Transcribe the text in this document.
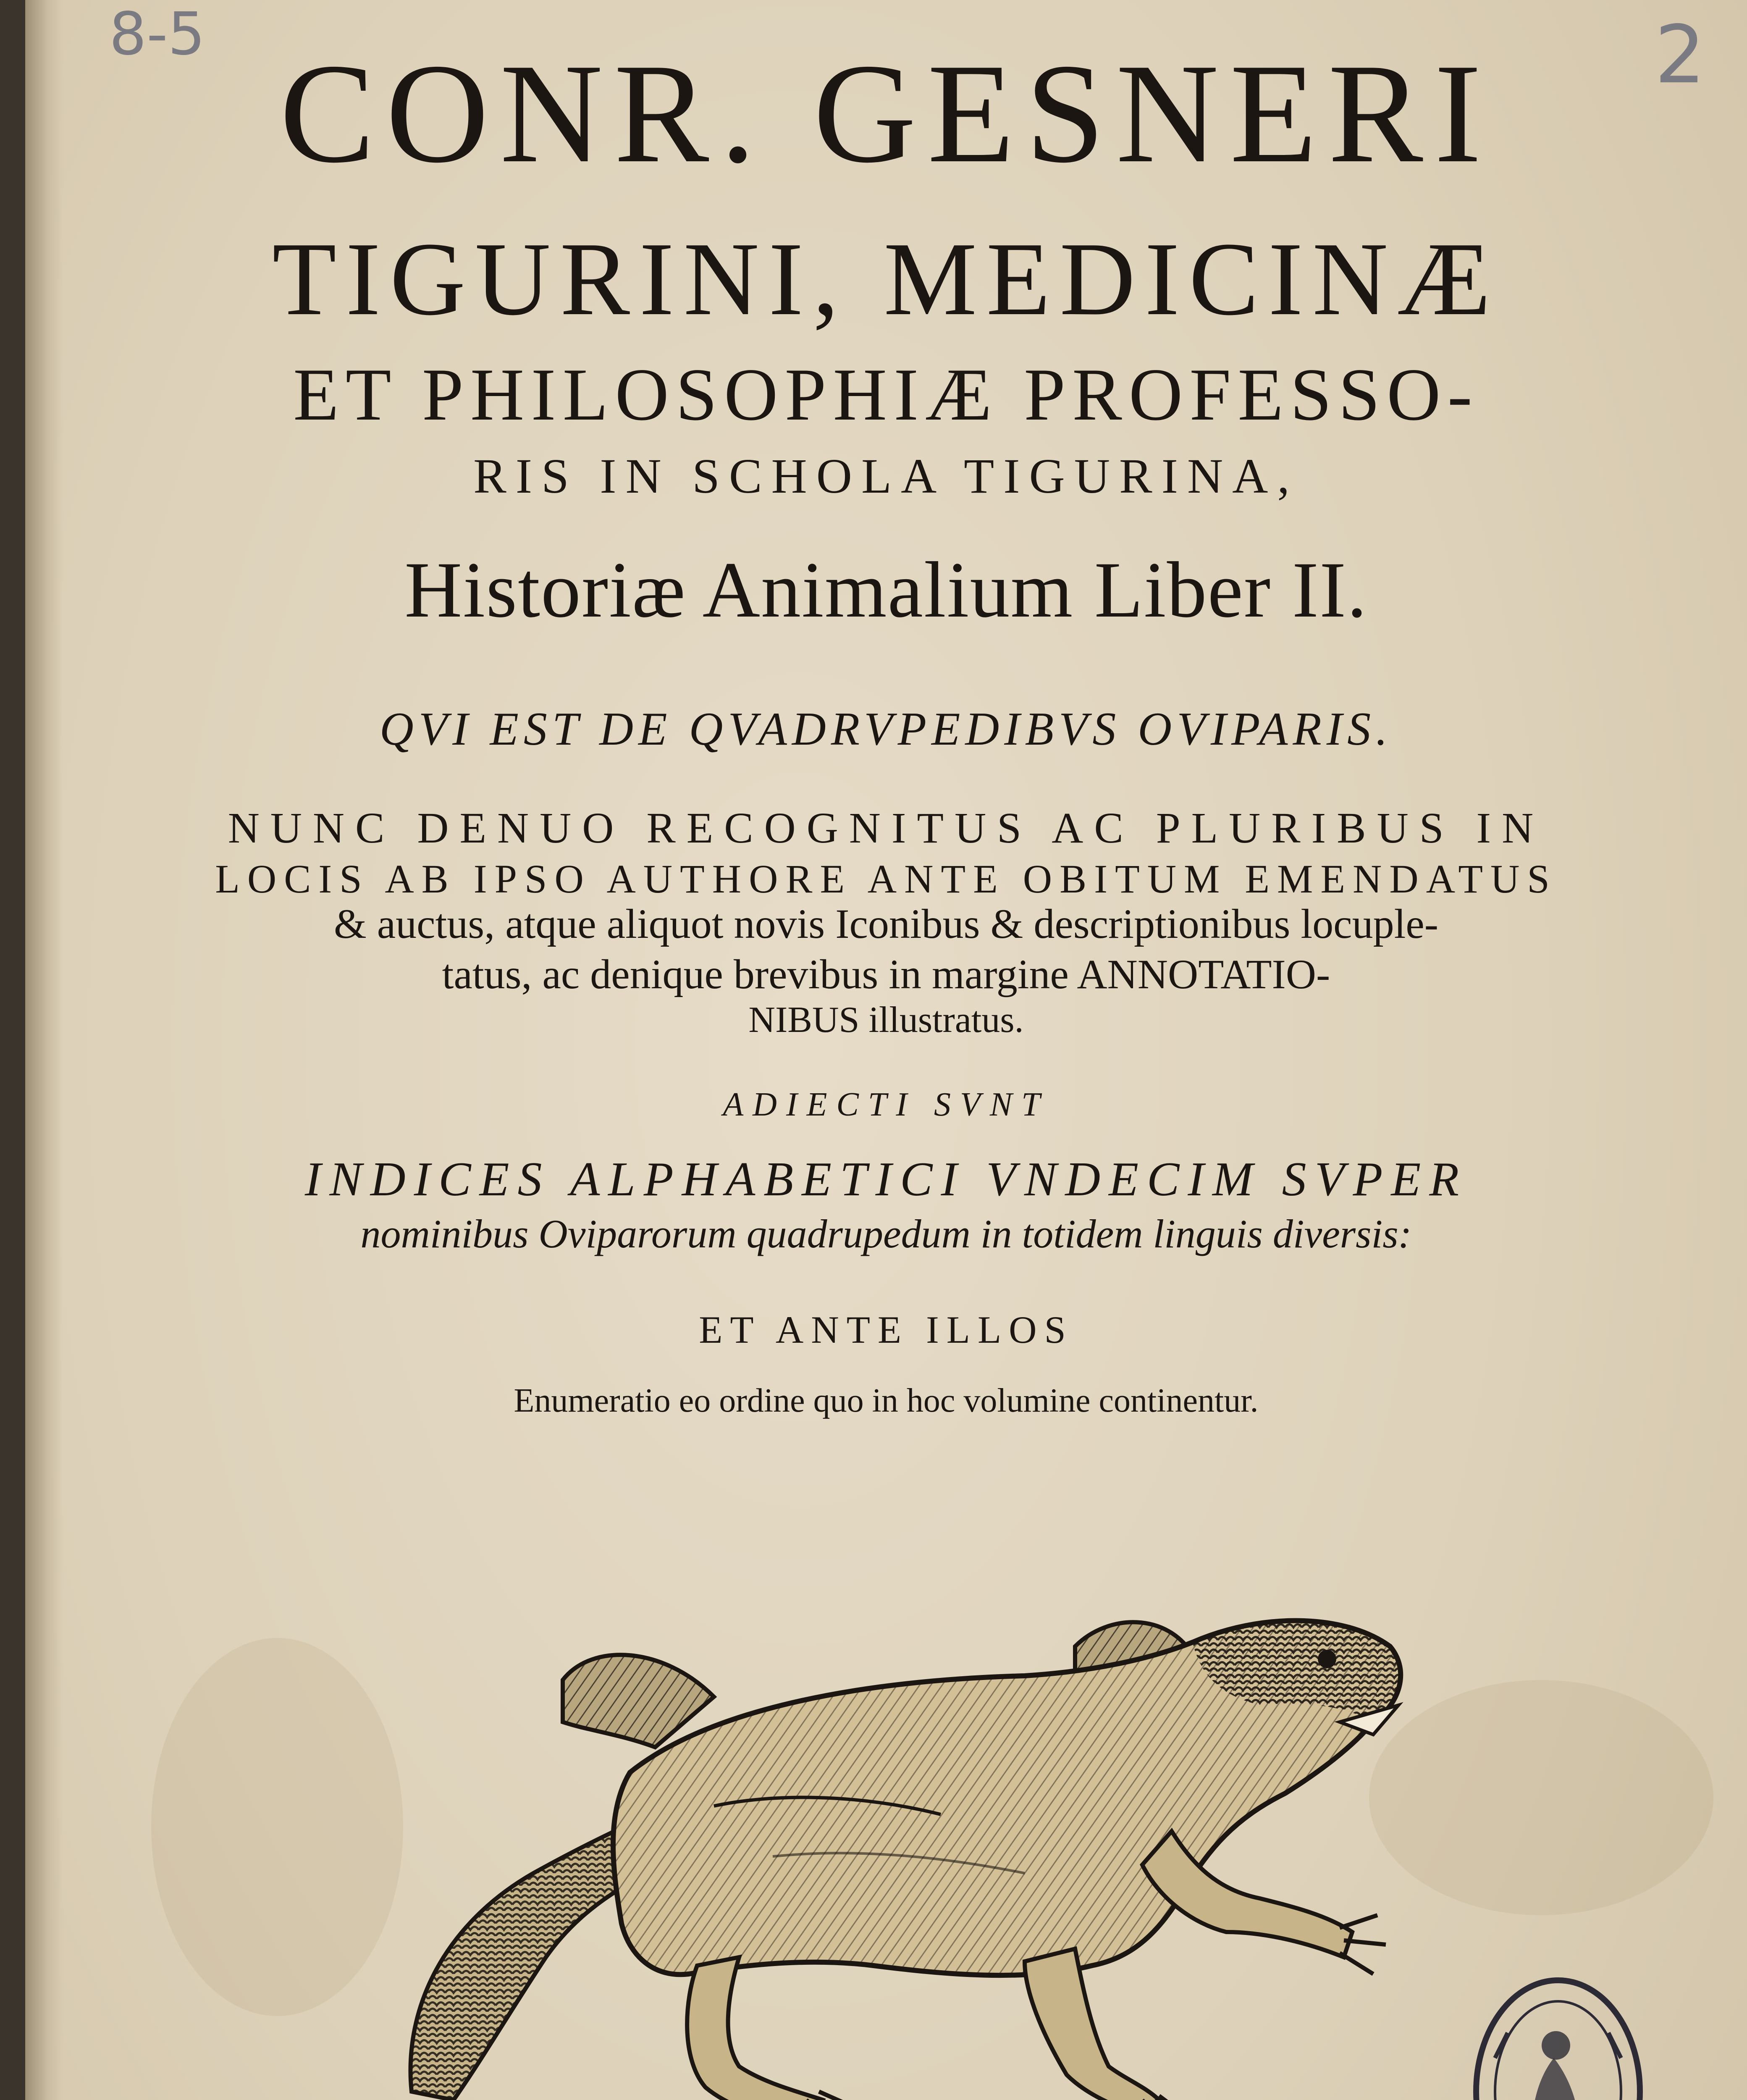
8-5	2
CONR. GESNERI
TIGURINI, MEDICINÆ
ET PHILOSOPHIÆ PROFESSO-
RIS IN SCHOLA TIGURINA,
Historiæ Animalium Liber II.
QVI EST DE QVADRVPEDIBVS OVIPARIS.
NUNC DENUO RECOGNITUS AC PLURIBUS IN
LOCIS AB IPSO AUTHORE ANTE OBITUM EMENDATUS
& auctus, atque aliquot novis Iconibus & descriptionibus locuple-
tatus, ac denique brevibus in margine ANNOTATIO-
NIBUS illustratus.
ADIECTI SVNT
INDICES ALPHABETICI VNDECIM SVPER
nominibus Oviparorum quadrupedum in totidem linguis diversis:
ET ANTE ILLOS
Enumeratio eo ordine quo in hoc volumine continentur.
